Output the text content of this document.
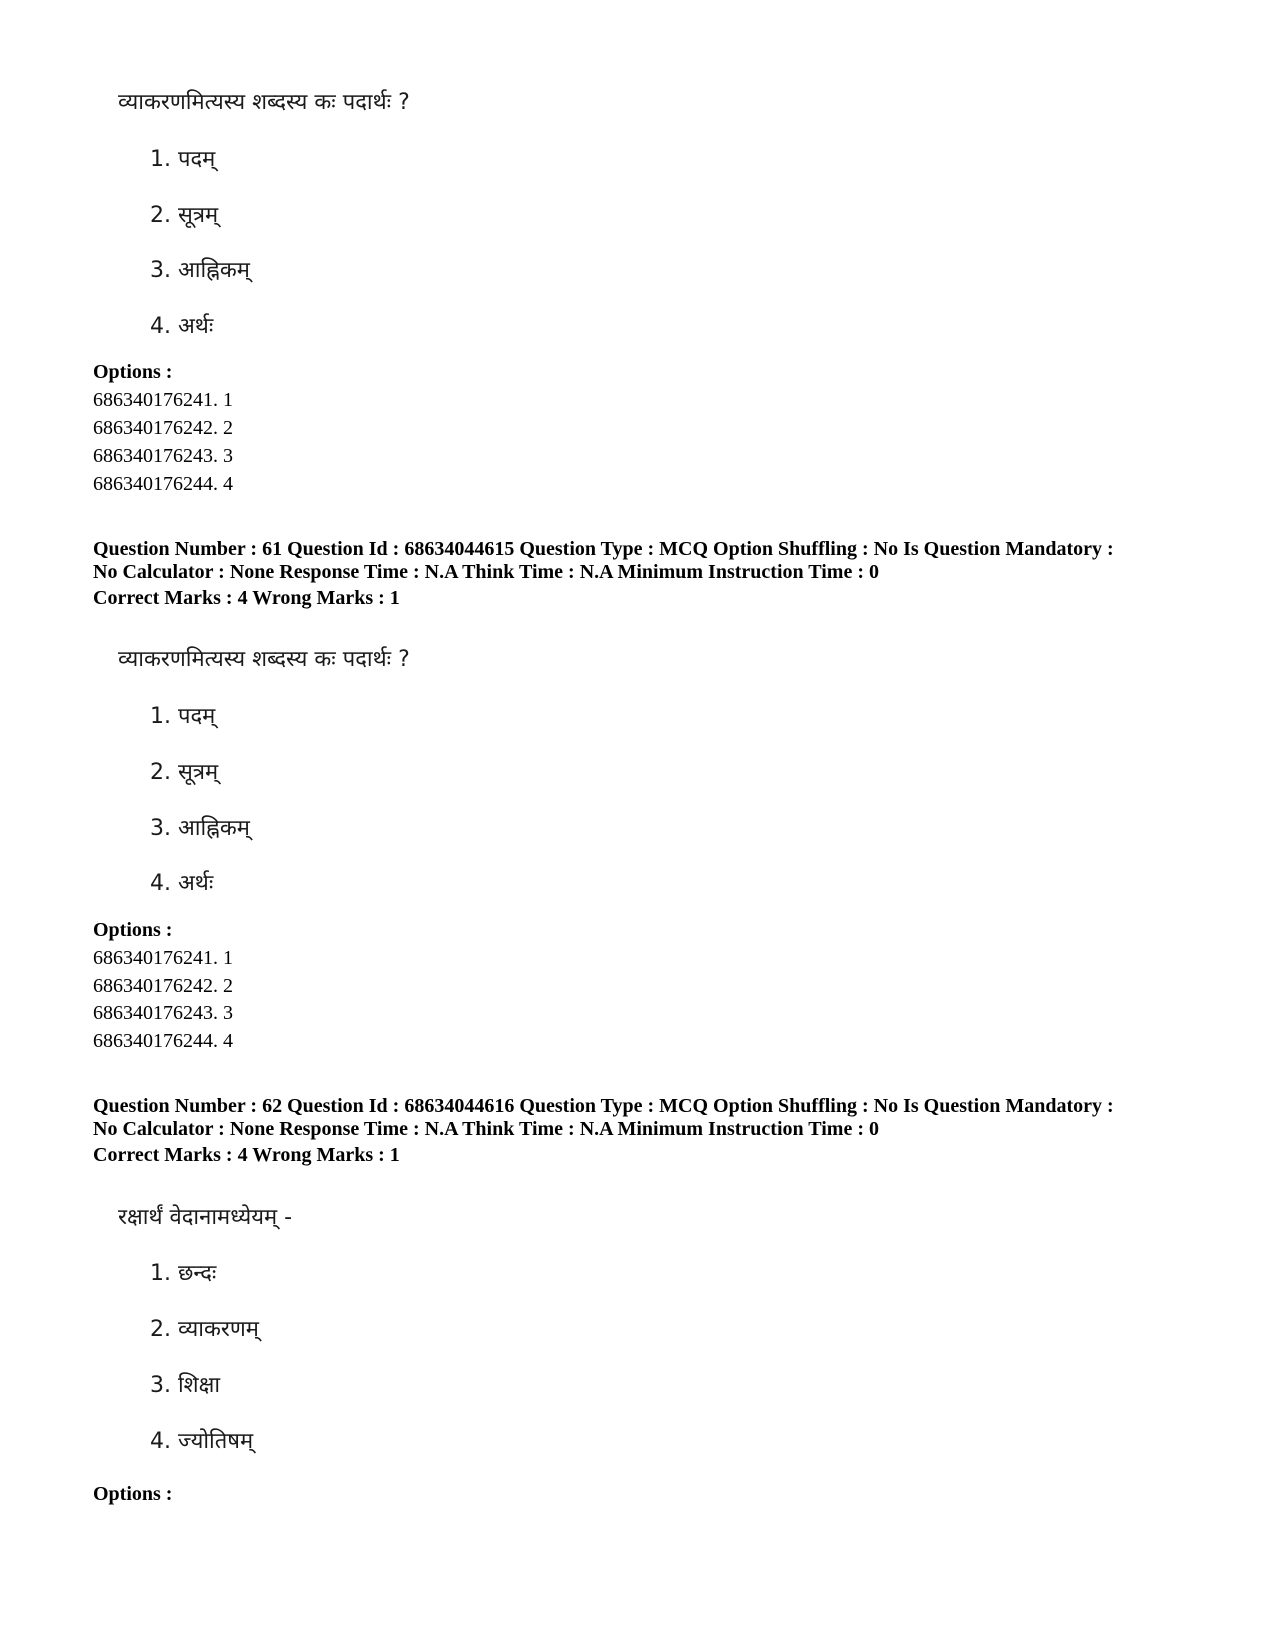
व्याकरणमित्यस्य शब्दस्य कः पदार्थः ?
1. पदम्
2. सूत्रम्
3. आह्निकम्
4. अर्थः
Options :
686340176241. 1
686340176242. 2
686340176243. 3
686340176244. 4
Question Number : 61 Question Id : 68634044615 Question Type : MCQ Option Shuffling : No Is Question Mandatory :
No Calculator : None Response Time : N.A Think Time : N.A Minimum Instruction Time : 0
Correct Marks : 4 Wrong Marks : 1
व्याकरणमित्यस्य शब्दस्य कः पदार्थः ?
1. पदम्
2. सूत्रम्
3. आह्निकम्
4. अर्थः
Options :
686340176241. 1
686340176242. 2
686340176243. 3
686340176244. 4
Question Number : 62 Question Id : 68634044616 Question Type : MCQ Option Shuffling : No Is Question Mandatory :
No Calculator : None Response Time : N.A Think Time : N.A Minimum Instruction Time : 0
Correct Marks : 4 Wrong Marks : 1
रक्षार्थं वेदानामध्येयम् -
1. छन्दः
2. व्याकरणम्
3. शिक्षा
4. ज्योतिषम्
Options :
